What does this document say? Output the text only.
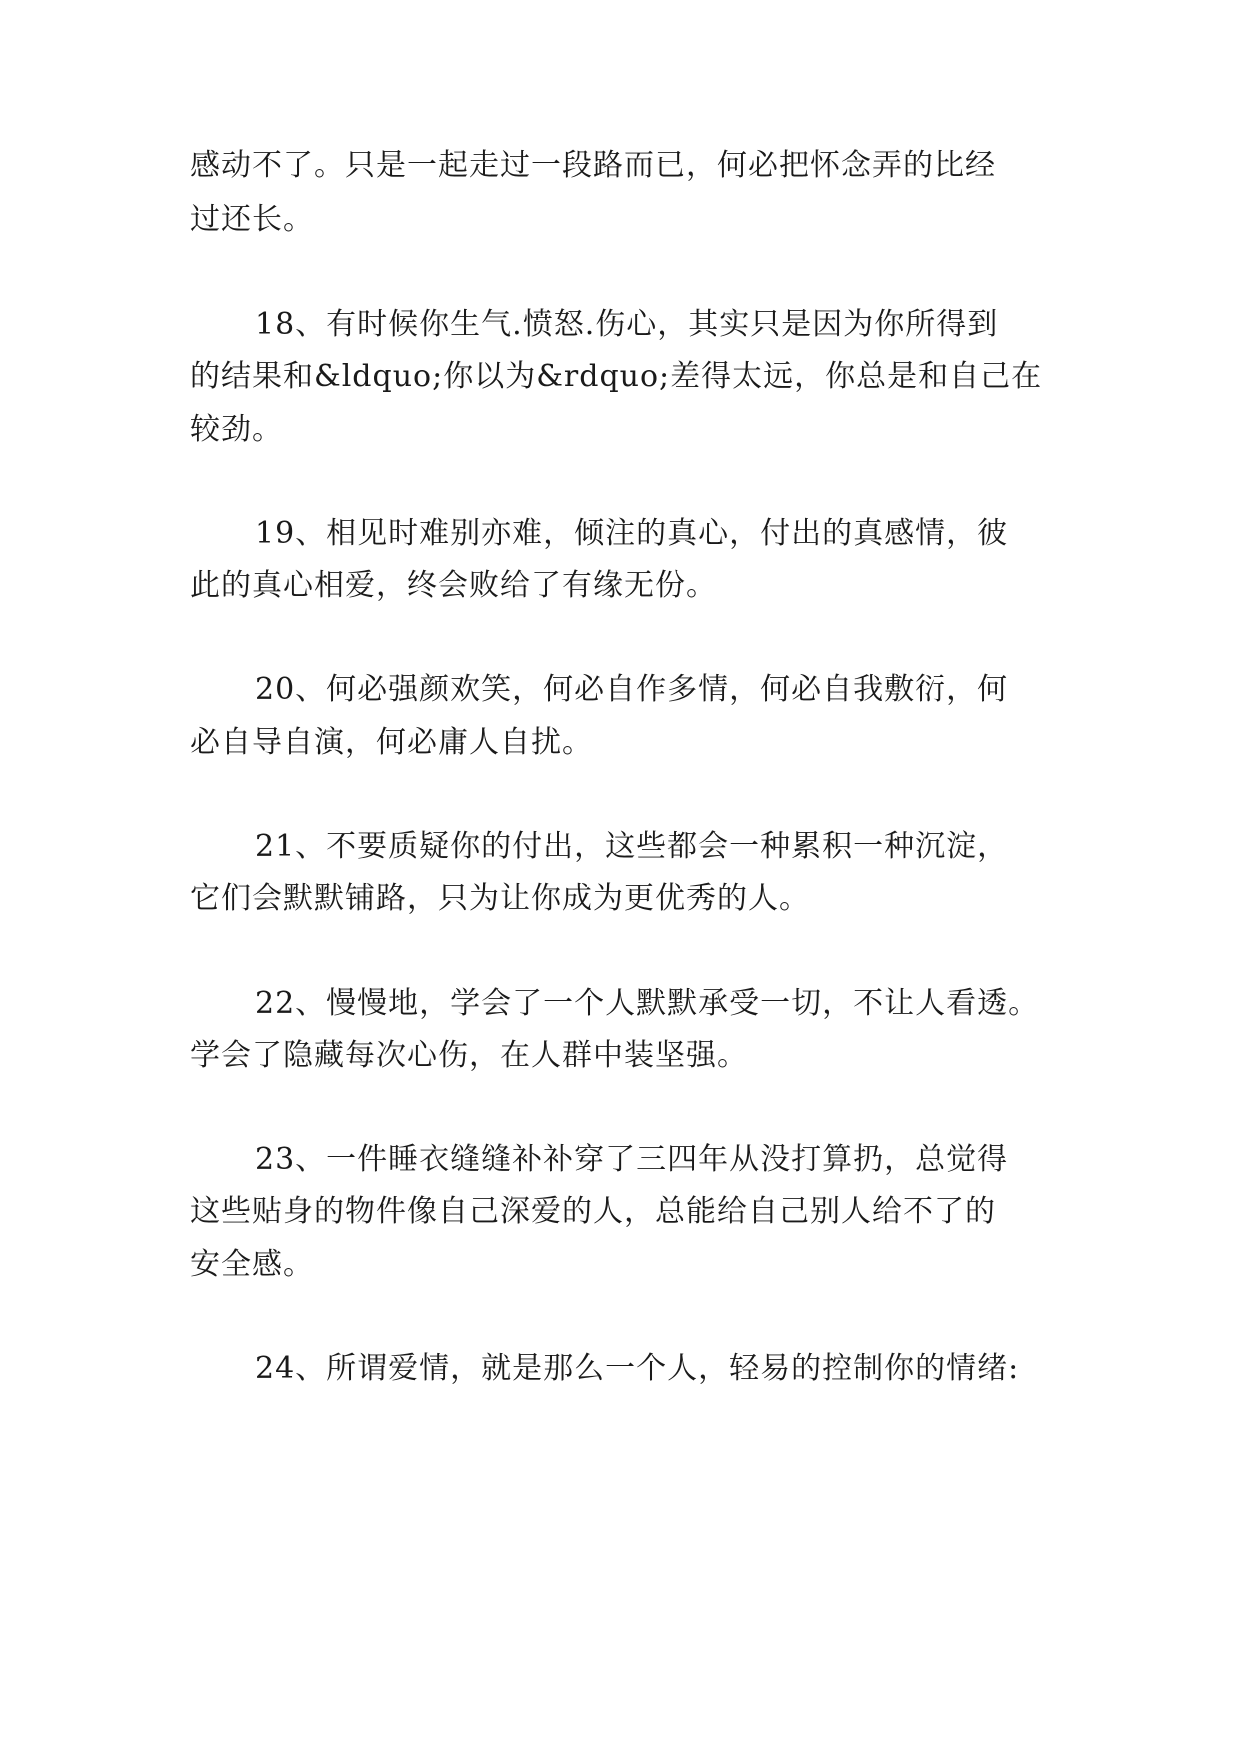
感动不了。只是一起走过一段路而已，何必把怀念弄的比经

过还长。

18、有时候你生气.愤怒.伤心，其实只是因为你所得到

的结果和&ldquo;你以为&rdquo;差得太远，你总是和自己在

较劲。

19、相见时难别亦难，倾注的真心，付出的真感情，彼

此的真心相爱，终会败给了有缘无份。

20、何必强颜欢笑，何必自作多情，何必自我敷衍，何

必自导自演，何必庸人自扰。

21、不要质疑你的付出，这些都会一种累积一种沉淀，

它们会默默铺路，只为让你成为更优秀的人。

22、慢慢地，学会了一个人默默承受一切，不让人看透。

学会了隐藏每次心伤，在人群中装坚强。

23、一件睡衣缝缝补补穿了三四年从没打算扔，总觉得

这些贴身的物件像自己深爱的人，总能给自己别人给不了的

安全感。

24、所谓爱情，就是那么一个人，轻易的控制你的情绪:
